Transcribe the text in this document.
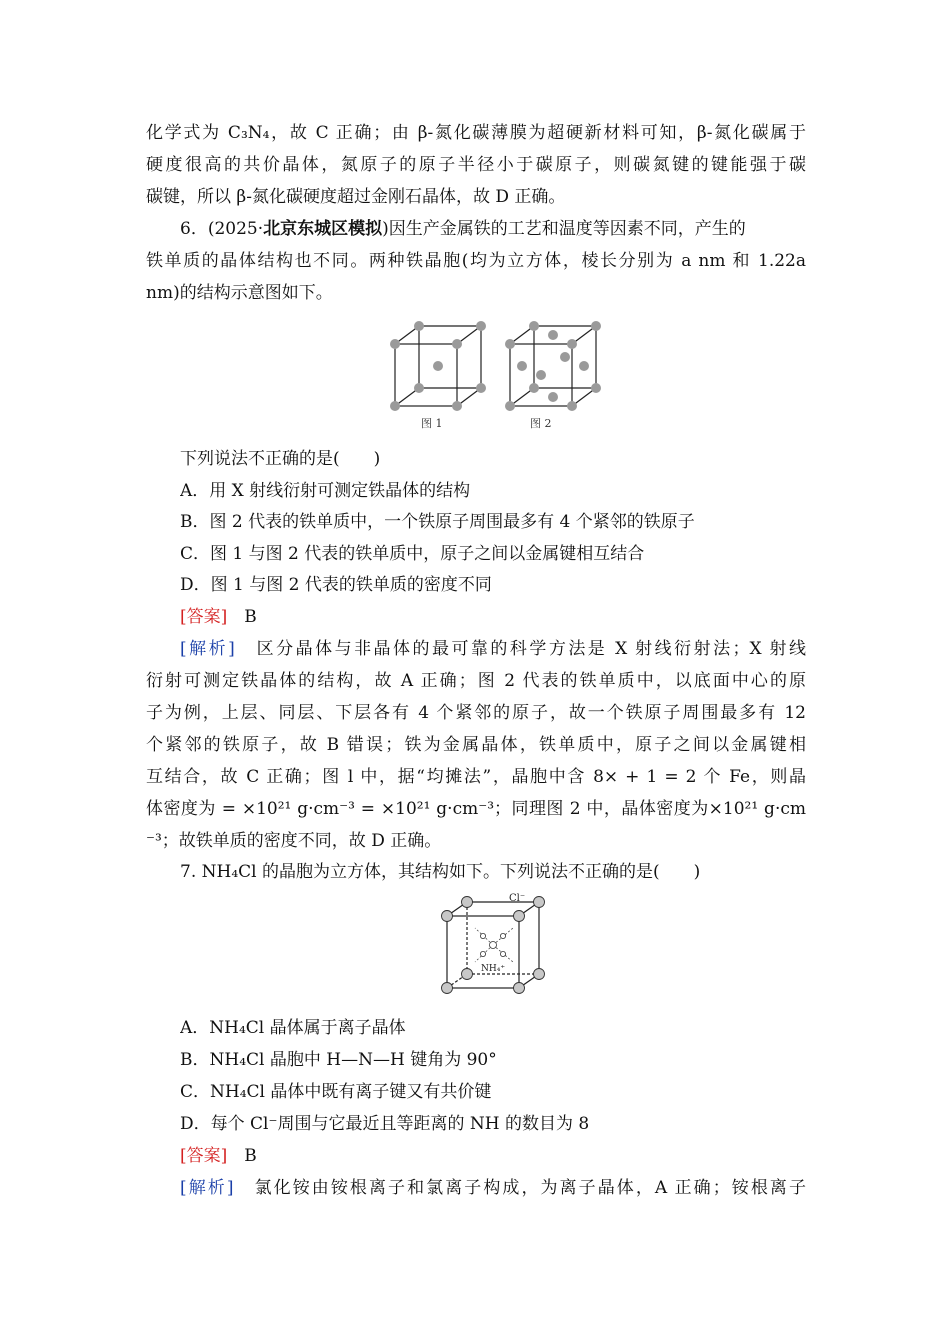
化学式为 C₃N₄，故 C 正确；由 β-氮化碳薄膜为超硬新材料可知，β-氮化碳属于
硬度很高的共价晶体，氮原子的原子半径小于碳原子，则碳氮键的键能强于碳
碳键，所以 β-氮化碳硬度超过金刚石晶体，故 D 正确。
6．(2025·北京东城区模拟)因生产金属铁的工艺和温度等因素不同，产生的
铁单质的晶体结构也不同。两种铁晶胞(均为立方体，棱长分别为 a nm 和 1.22a
nm)的结构示意图如下。
图 1	图 2
下列说法不正确的是(　　)
A．用 X 射线衍射可测定铁晶体的结构
B．图 2 代表的铁单质中，一个铁原子周围最多有 4 个紧邻的铁原子
C．图 1 与图 2 代表的铁单质中，原子之间以金属键相互结合
D．图 1 与图 2 代表的铁单质的密度不同
[答案]　 B
[解析]　 区分晶体与非晶体的最可靠的科学方法是 X 射线衍射法；X 射线
衍射可测定铁晶体的结构，故 A 正确；图 2 代表的铁单质中，以底面中心的原
子为例，上层、同层、下层各有 4 个紧邻的原子，故一个铁原子周围最多有 12
个紧邻的铁原子，故 B 错误；铁为金属晶体，铁单质中，原子之间以金属键相
互结合，故 C 正确；图 l 中，据“均摊法”，晶胞中含 8× + 1 = 2 个 Fe，则晶
体密度为 = ×10²¹ g·cm⁻³ = ×10²¹ g·cm⁻³；同理图 2 中，晶体密度为×10²¹ g·cm
⁻³；故铁单质的密度不同，故 D 正确。
7. NH₄Cl 的晶胞为立方体，其结构如下。下列说法不正确的是(　　)
Cl⁻
NH₄⁺
A．NH₄Cl 晶体属于离子晶体
B．NH₄Cl 晶胞中 H—N—H 键角为 90°
C．NH₄Cl 晶体中既有离子键又有共价键
D．每个 Cl⁻周围与它最近且等距离的 NH 的数目为 8
[答案]　 B
[解析]　 氯化铵由铵根离子和氯离子构成，为离子晶体，A 正确；铵根离子
